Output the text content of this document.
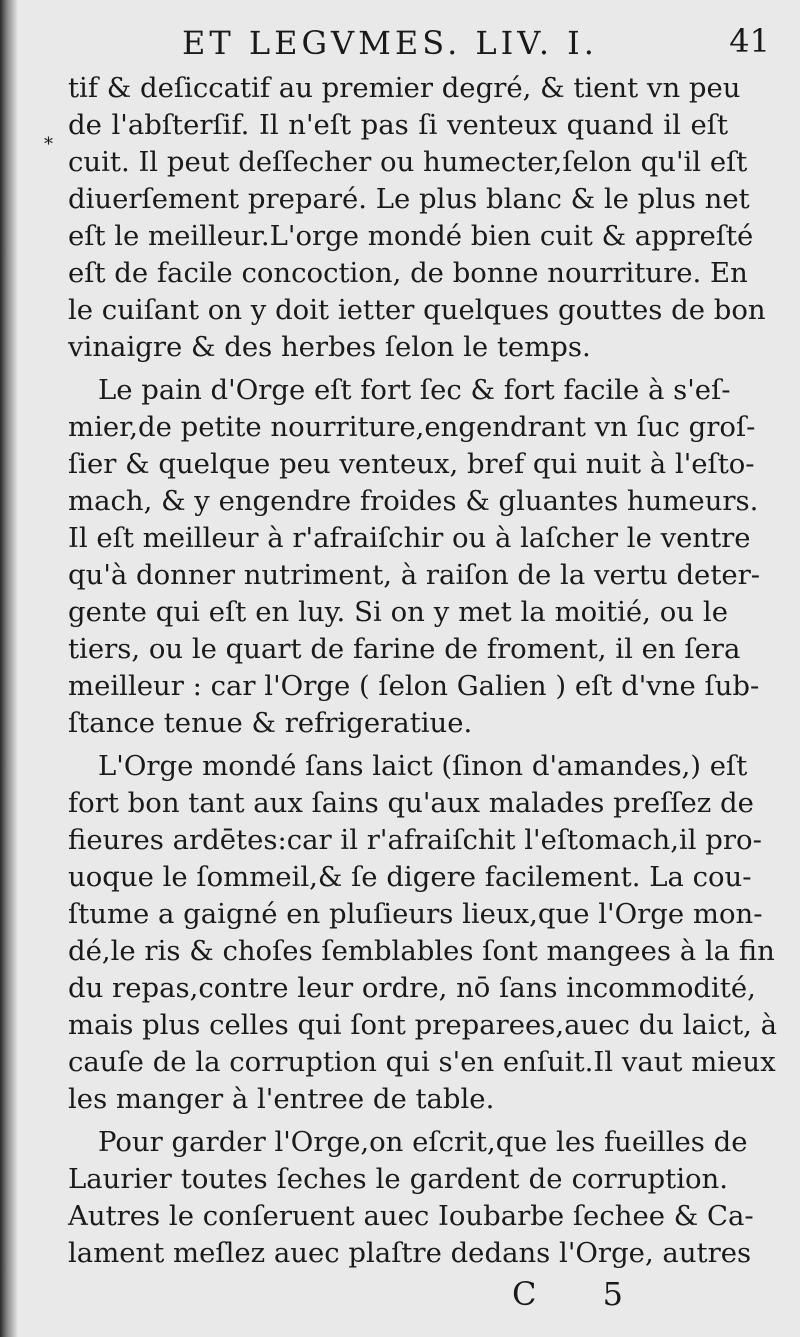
ET LEGVMES. LIV. I.	41
*
tif & deſiccatif au premier degré, & tient vn peu
de l'abſterſif. Il n'eſt pas ſi venteux quand il eſt
cuit. Il peut deſſecher ou humecter,ſelon qu'il eſt
diuerſement preparé. Le plus blanc & le plus net
eſt le meilleur.L'orge mondé bien cuit & appreſté
eſt de facile concoction, de bonne nourriture. En
le cuiſant on y doit ietter quelques gouttes de bon
vinaigre & des herbes ſelon le temps.
Le pain d'Orge eſt fort ſec & fort facile à s'eſ-
mier,de petite nourriture,engendrant vn ſuc groſ-
ſier & quelque peu venteux, bref qui nuit à l'eſto-
mach, & y engendre froides & gluantes humeurs.
Il eſt meilleur à r'afraiſchir ou à laſcher le ventre
qu'à donner nutriment, à raiſon de la vertu deter-
gente qui eſt en luy. Si on y met la moitié, ou le
tiers, ou le quart de farine de froment, il en ſera
meilleur : car l'Orge ( ſelon Galien ) eſt d'vne ſub-
ſtance tenue & refrigeratiue.
L'Orge mondé ſans laict (ſinon d'amandes,) eſt
fort bon tant aux ſains qu'aux malades preſſez de
fieures ardētes:car il r'afraiſchit l'eſtomach,il pro-
uoque le ſommeil,& ſe digere facilement. La cou-
ſtume a gaigné en pluſieurs lieux,que l'Orge mon-
dé,le ris & choſes ſemblables ſont mangees à la fin
du repas,contre leur ordre, nō ſans incommodité,
mais plus celles qui ſont preparees,auec du laict, à
cauſe de la corruption qui s'en enſuit.Il vaut mieux
les manger à l'entree de table.
Pour garder l'Orge,on eſcrit,que les fueilles de
Laurier toutes ſeches le gardent de corruption.
Autres le conſeruent auec Ioubarbe ſechee & Ca-
lament meſlez auec plaſtre dedans l'Orge, autres
C 5
